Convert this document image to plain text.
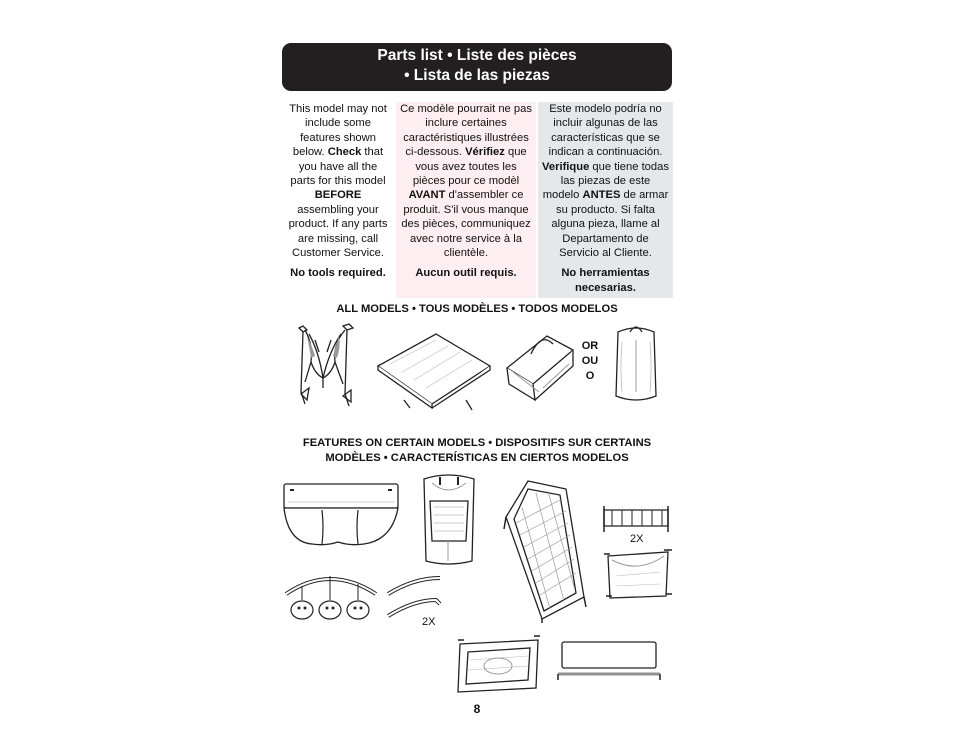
Parts list • Liste des pièces
• Lista de las piezas

This model may not include some features shown below. Check that you have all the parts for this model BEFORE assembling your product. If any parts are missing, call Customer Service.

No tools required.

Ce modèle pourrait ne pas inclure certaines caractéristiques illustrées ci-dessous. Vérifiez que vous avez toutes les pièces pour ce modèl AVANT d'assembler ce produit. S'il vous manque des pièces, communiquez avec notre service à la clientèle.

Aucun outil requis.

Este modelo podría no incluir algunas de las características que se indican a continuación. Verifique que tiene todas las piezas de este modelo ANTES de armar su producto. Si falta alguna pieza, llame al Departamento de Servicio al Cliente.

No herramientas necesarias.

ALL MODELS • TOUS MODÈLES • TODOS MODELOS
OR
OU
O
FEATURES ON CERTAIN MODELS • DISPOSITIFS SUR CERTAINS MODÈLES • CARACTERÍSTICAS EN CIERTOS MODELOS
2X
2X
8
